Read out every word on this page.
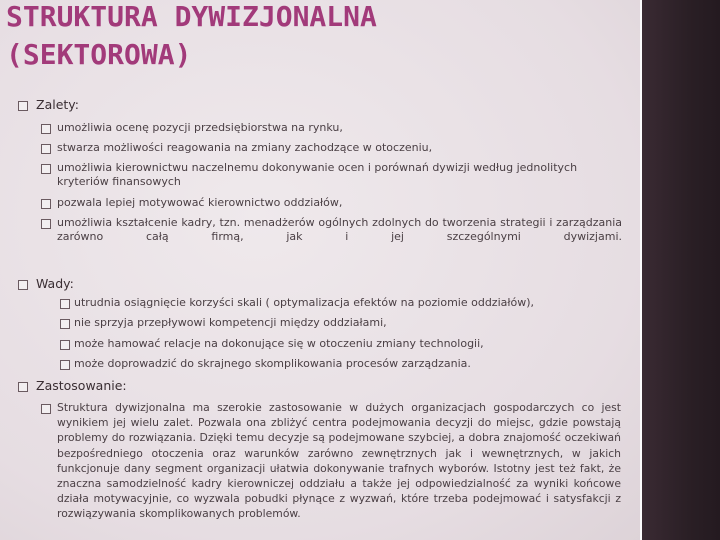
STRUKTURA DYWIZJONALNA
(SEKTOROWA)
Zalety:
umożliwia ocenę pozycji przedsiębiorstwa na rynku,
stwarza możliwości reagowania na zmiany zachodzące w otoczeniu,
umożliwia kierownictwu naczelnemu dokonywanie ocen i porównań dywizji według jednolitych kryteriów finansowych
pozwala lepiej motywować kierownictwo oddziałów,
umożliwia kształcenie kadry, tzn. menadżerów ogólnych zdolnych do tworzenia strategii i zarządzania zarówno całą firmą, jak i jej szczególnymi dywizjami.
Wady:
utrudnia osiągnięcie korzyści skali ( optymalizacja efektów na poziomie oddziałów),
nie sprzyja przepływowi kompetencji między oddziałami,
może hamować relacje na dokonujące się w otoczeniu zmiany technologii,
może doprowadzić do skrajnego skomplikowania procesów zarządzania.
Zastosowanie:
Struktura dywizjonalna ma szerokie zastosowanie w dużych organizacjach gospodarczych co jest wynikiem jej wielu zalet. Pozwala ona zbliżyć centra podejmowania decyzji do miejsc, gdzie powstają problemy do rozwiązania. Dzięki temu decyzje są podejmowane szybciej, a dobra znajomość oczekiwań bezpośredniego otoczenia oraz warunków zarówno zewnętrznych jak i wewnętrznych, w jakich funkcjonuje dany segment organizacji ułatwia dokonywanie trafnych wyborów. Istotny jest też fakt, że znaczna samodzielność kadry kierowniczej oddziału a także jej odpowiedzialność za wyniki końcowe działa motywacyjnie, co wyzwala pobudki płynące z wyzwań, które trzeba podejmować i satysfakcji z rozwiązywania skomplikowanych problemów.
